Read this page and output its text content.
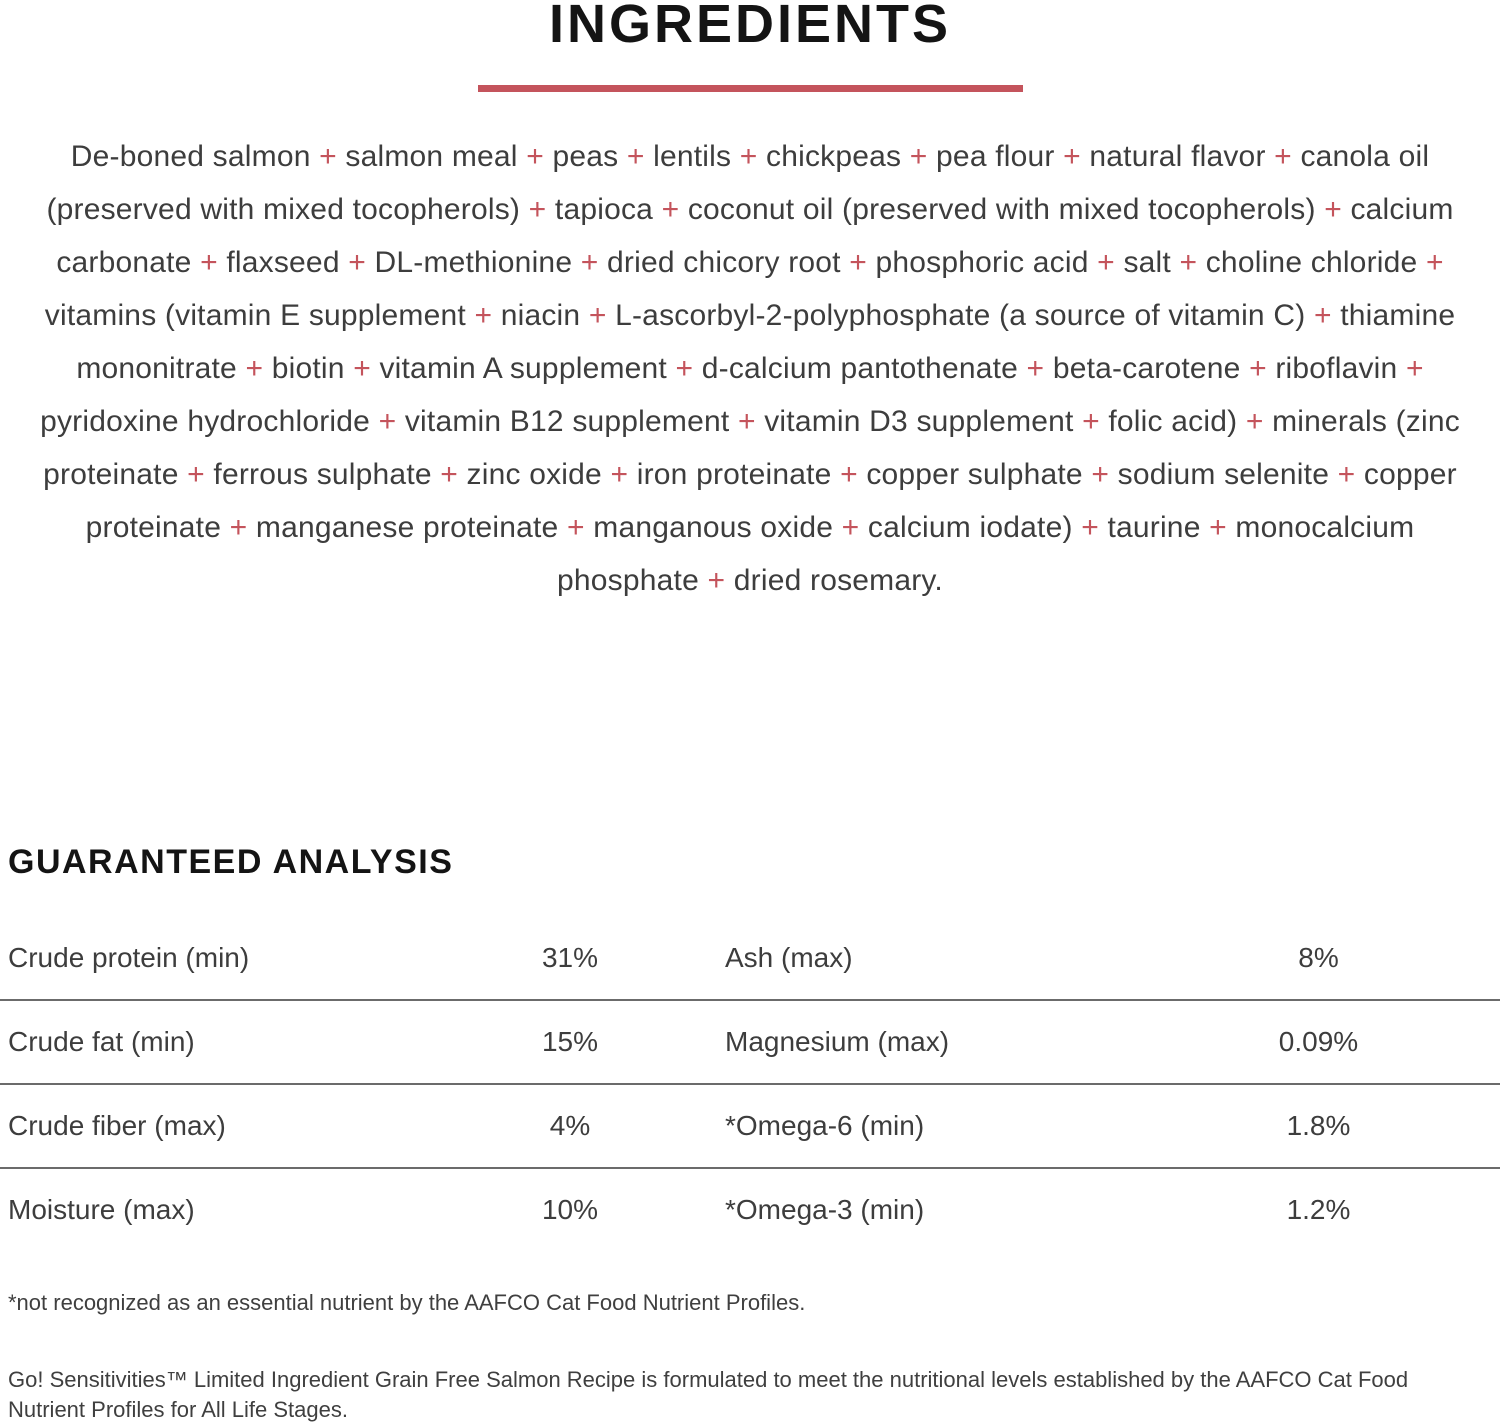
INGREDIENTS

De-boned salmon + salmon meal + peas + lentils + chickpeas + pea flour + natural flavor + canola oil (preserved with mixed tocopherols) + tapioca + coconut oil (preserved with mixed tocopherols) + calcium carbonate + flaxseed + DL-methionine + dried chicory root + phosphoric acid + salt + choline chloride + vitamins (vitamin E supplement + niacin + L-ascorbyl-2-polyphosphate (a source of vitamin C) + thiamine mononitrate + biotin + vitamin A supplement + d-calcium pantothenate + beta-carotene + riboflavin + pyridoxine hydrochloride + vitamin B12 supplement + vitamin D3 supplement + folic acid) + minerals (zinc proteinate + ferrous sulphate + zinc oxide + iron proteinate + copper sulphate + sodium selenite + copper proteinate + manganese proteinate + manganous oxide + calcium iodate) + taurine + monocalcium phosphate + dried rosemary.

GUARANTEED ANALYSIS
Crude protein (min)	31%	Ash (max)	8%
Crude fat (min)	15%	Magnesium (max)	0.09%
Crude fiber (max)	4%	*Omega-6 (min)	1.8%
Moisture (max)	10%	*Omega-3 (min)	1.2%

*not recognized as an essential nutrient by the AAFCO Cat Food Nutrient Profiles.

Go! Sensitivities™ Limited Ingredient Grain Free Salmon Recipe is formulated to meet the nutritional levels established by the AAFCO Cat Food Nutrient Profiles for All Life Stages.
